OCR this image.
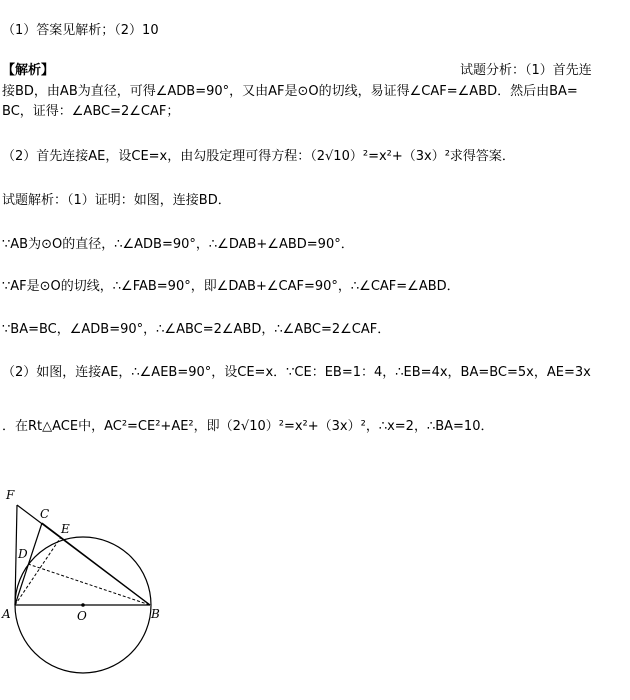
（1）答案见解析；（2）10
【解析】	试题分析：（1）首先连
接BD，由AB为直径，可得∠ADB=90°，又由AF是⊙O的切线，易证得∠CAF=∠ABD．然后由BA=
BC，证得：∠ABC=2∠CAF；
（2）首先连接AE，设CE=x，由勾股定理可得方程：（2√10）²=x²+（3x）²求得答案．
试题解析：（1）证明：如图，连接BD．
∵AB为⊙O的直径，∴∠ADB=90°，∴∠DAB+∠ABD=90°．
∵AF是⊙O的切线，∴∠FAB=90°，即∠DAB+∠CAF=90°，∴∠CAF=∠ABD．
∵BA=BC，∠ADB=90°，∴∠ABC=2∠ABD，∴∠ABC=2∠CAF．
（2）如图，连接AE，∴∠AEB=90°，设CE=x．∵CE：EB=1：4，∴EB=4x，BA=BC=5x，AE=3x
．在Rt△ACE中，AC²=CE²+AE²，即（2√10）²=x²+（3x）²，∴x=2，∴BA=10．
F
C
E
D
A	O	B
